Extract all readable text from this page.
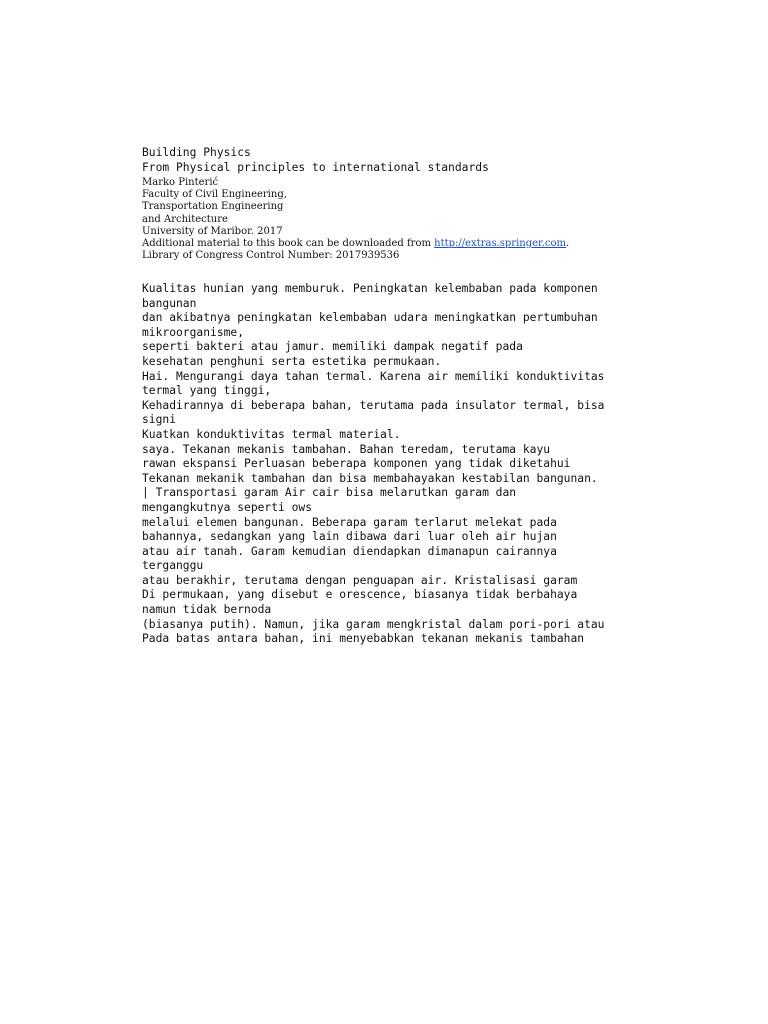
Building Physics
From Physical principles to international standards
Marko Pinterić
Faculty of Civil Engineering,
Transportation Engineering
and Architecture
University of Maribor. 2017
Additional material to this book can be downloaded from http://extras.springer.com.
Library of Congress Control Number: 2017939536
Kualitas hunian yang memburuk. Peningkatan kelembaban pada komponen
bangunan
dan akibatnya peningkatan kelembaban udara meningkatkan pertumbuhan
mikroorganisme,
seperti bakteri atau jamur. memiliki dampak negatif pada
kesehatan penghuni serta estetika permukaan.
Hai. Mengurangi daya tahan termal. Karena air memiliki konduktivitas
termal yang tinggi,
Kehadirannya di beberapa bahan, terutama pada insulator termal, bisa
signi
Kuatkan konduktivitas termal material.
saya. Tekanan mekanis tambahan. Bahan teredam, terutama kayu
rawan ekspansi Perluasan beberapa komponen yang tidak diketahui
Tekanan mekanik tambahan dan bisa membahayakan kestabilan bangunan.
| Transportasi garam Air cair bisa melarutkan garam dan
mengangkutnya seperti ows
melalui elemen bangunan. Beberapa garam terlarut melekat pada
bahannya, sedangkan yang lain dibawa dari luar oleh air hujan
atau air tanah. Garam kemudian diendapkan dimanapun cairannya
terganggu
atau berakhir, terutama dengan penguapan air. Kristalisasi garam
Di permukaan, yang disebut e orescence, biasanya tidak berbahaya
namun tidak bernoda
(biasanya putih). Namun, jika garam mengkristal dalam pori-pori atau
Pada batas antara bahan, ini menyebabkan tekanan mekanis tambahan
